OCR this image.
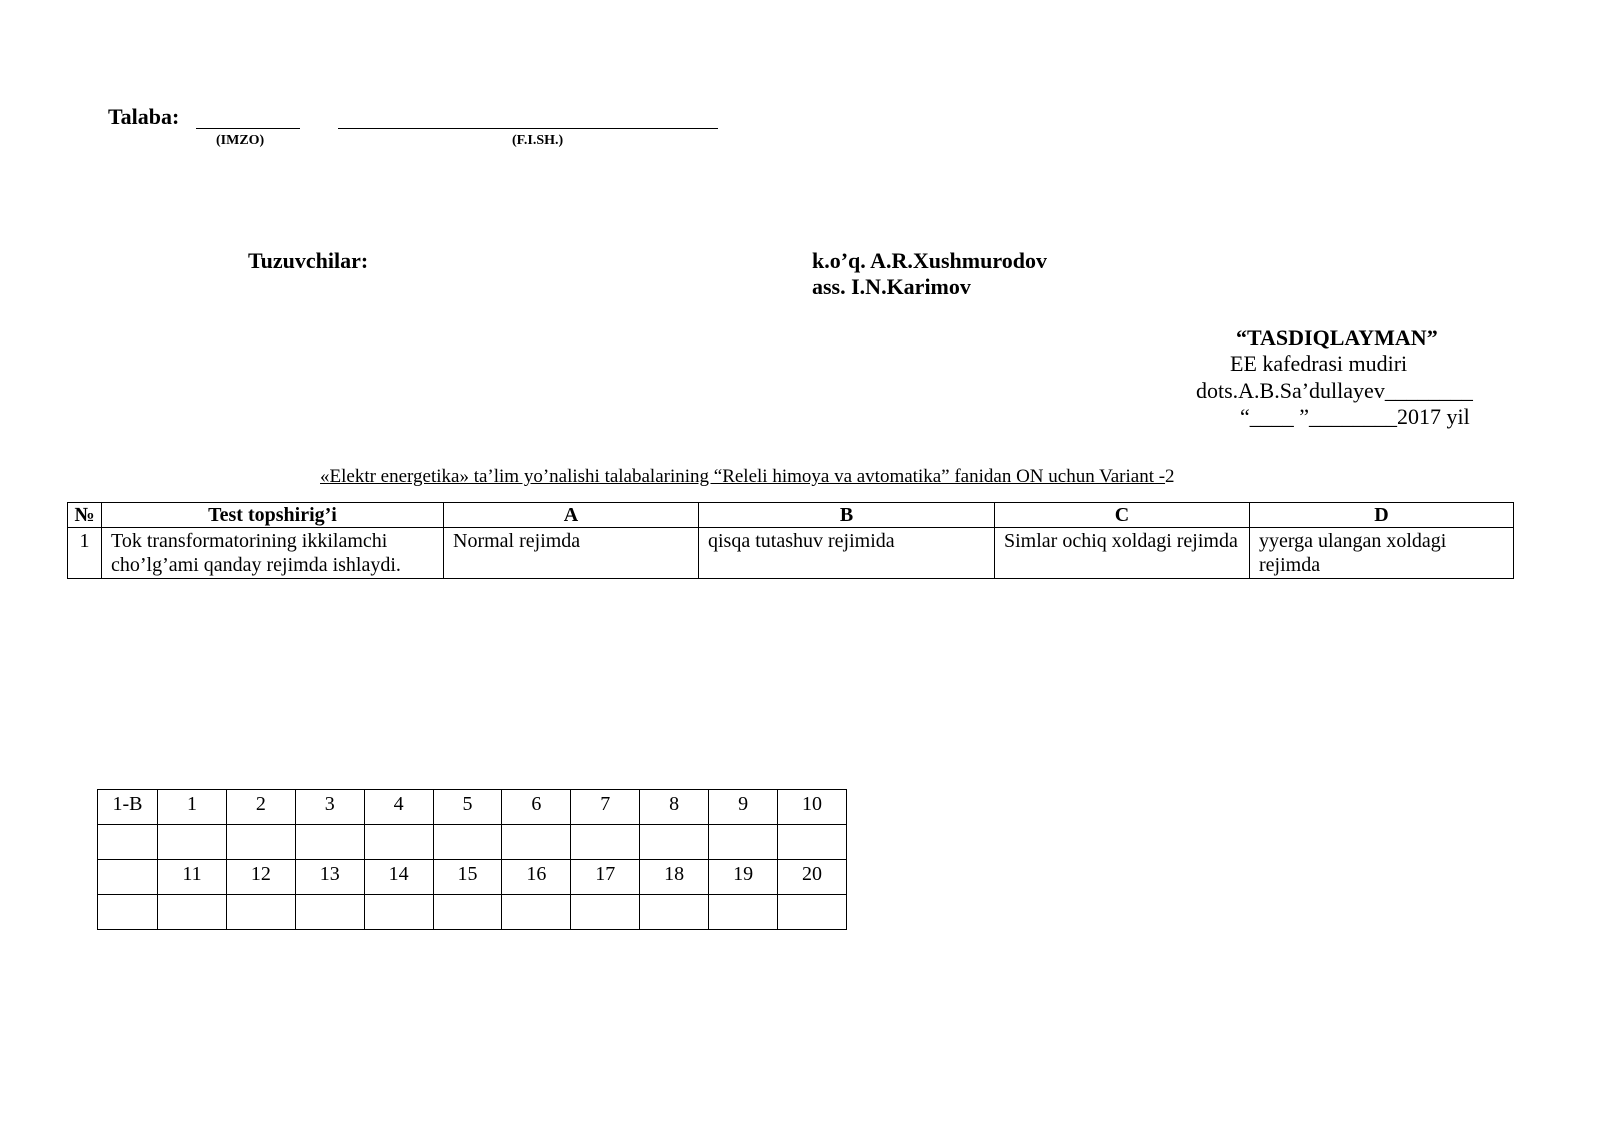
Talaba:
(IMZO)	(F.I.SH.)
Tuzuvchilar:	k.o’q. A.R.Xushmurodov
ass. I.N.Karimov
“TASDIQLAYMAN”
EE kafedrasi mudiri
dots.A.B.Sa’dullayev________
“____ ”________2017 yil
«Elektr energetika» ta’lim yo’nalishi talabalarining “Releli himoya va avtomatika” fanidan ON uchun Variant -2
№	Test topshirig’i	A	B	C	D
1	Tok transformatorining ikkilamchi cho’lg’ami qanday rejimda ishlaydi.	Normal rejimda	qisqa tutashuv rejimida	Simlar ochiq xoldagi rejimda	yyerga ulangan xoldagi rejimda
1-B	1	2	3	4	5	6	7	8	9	10

	11	12	13	14	15	16	17	18	19	20
